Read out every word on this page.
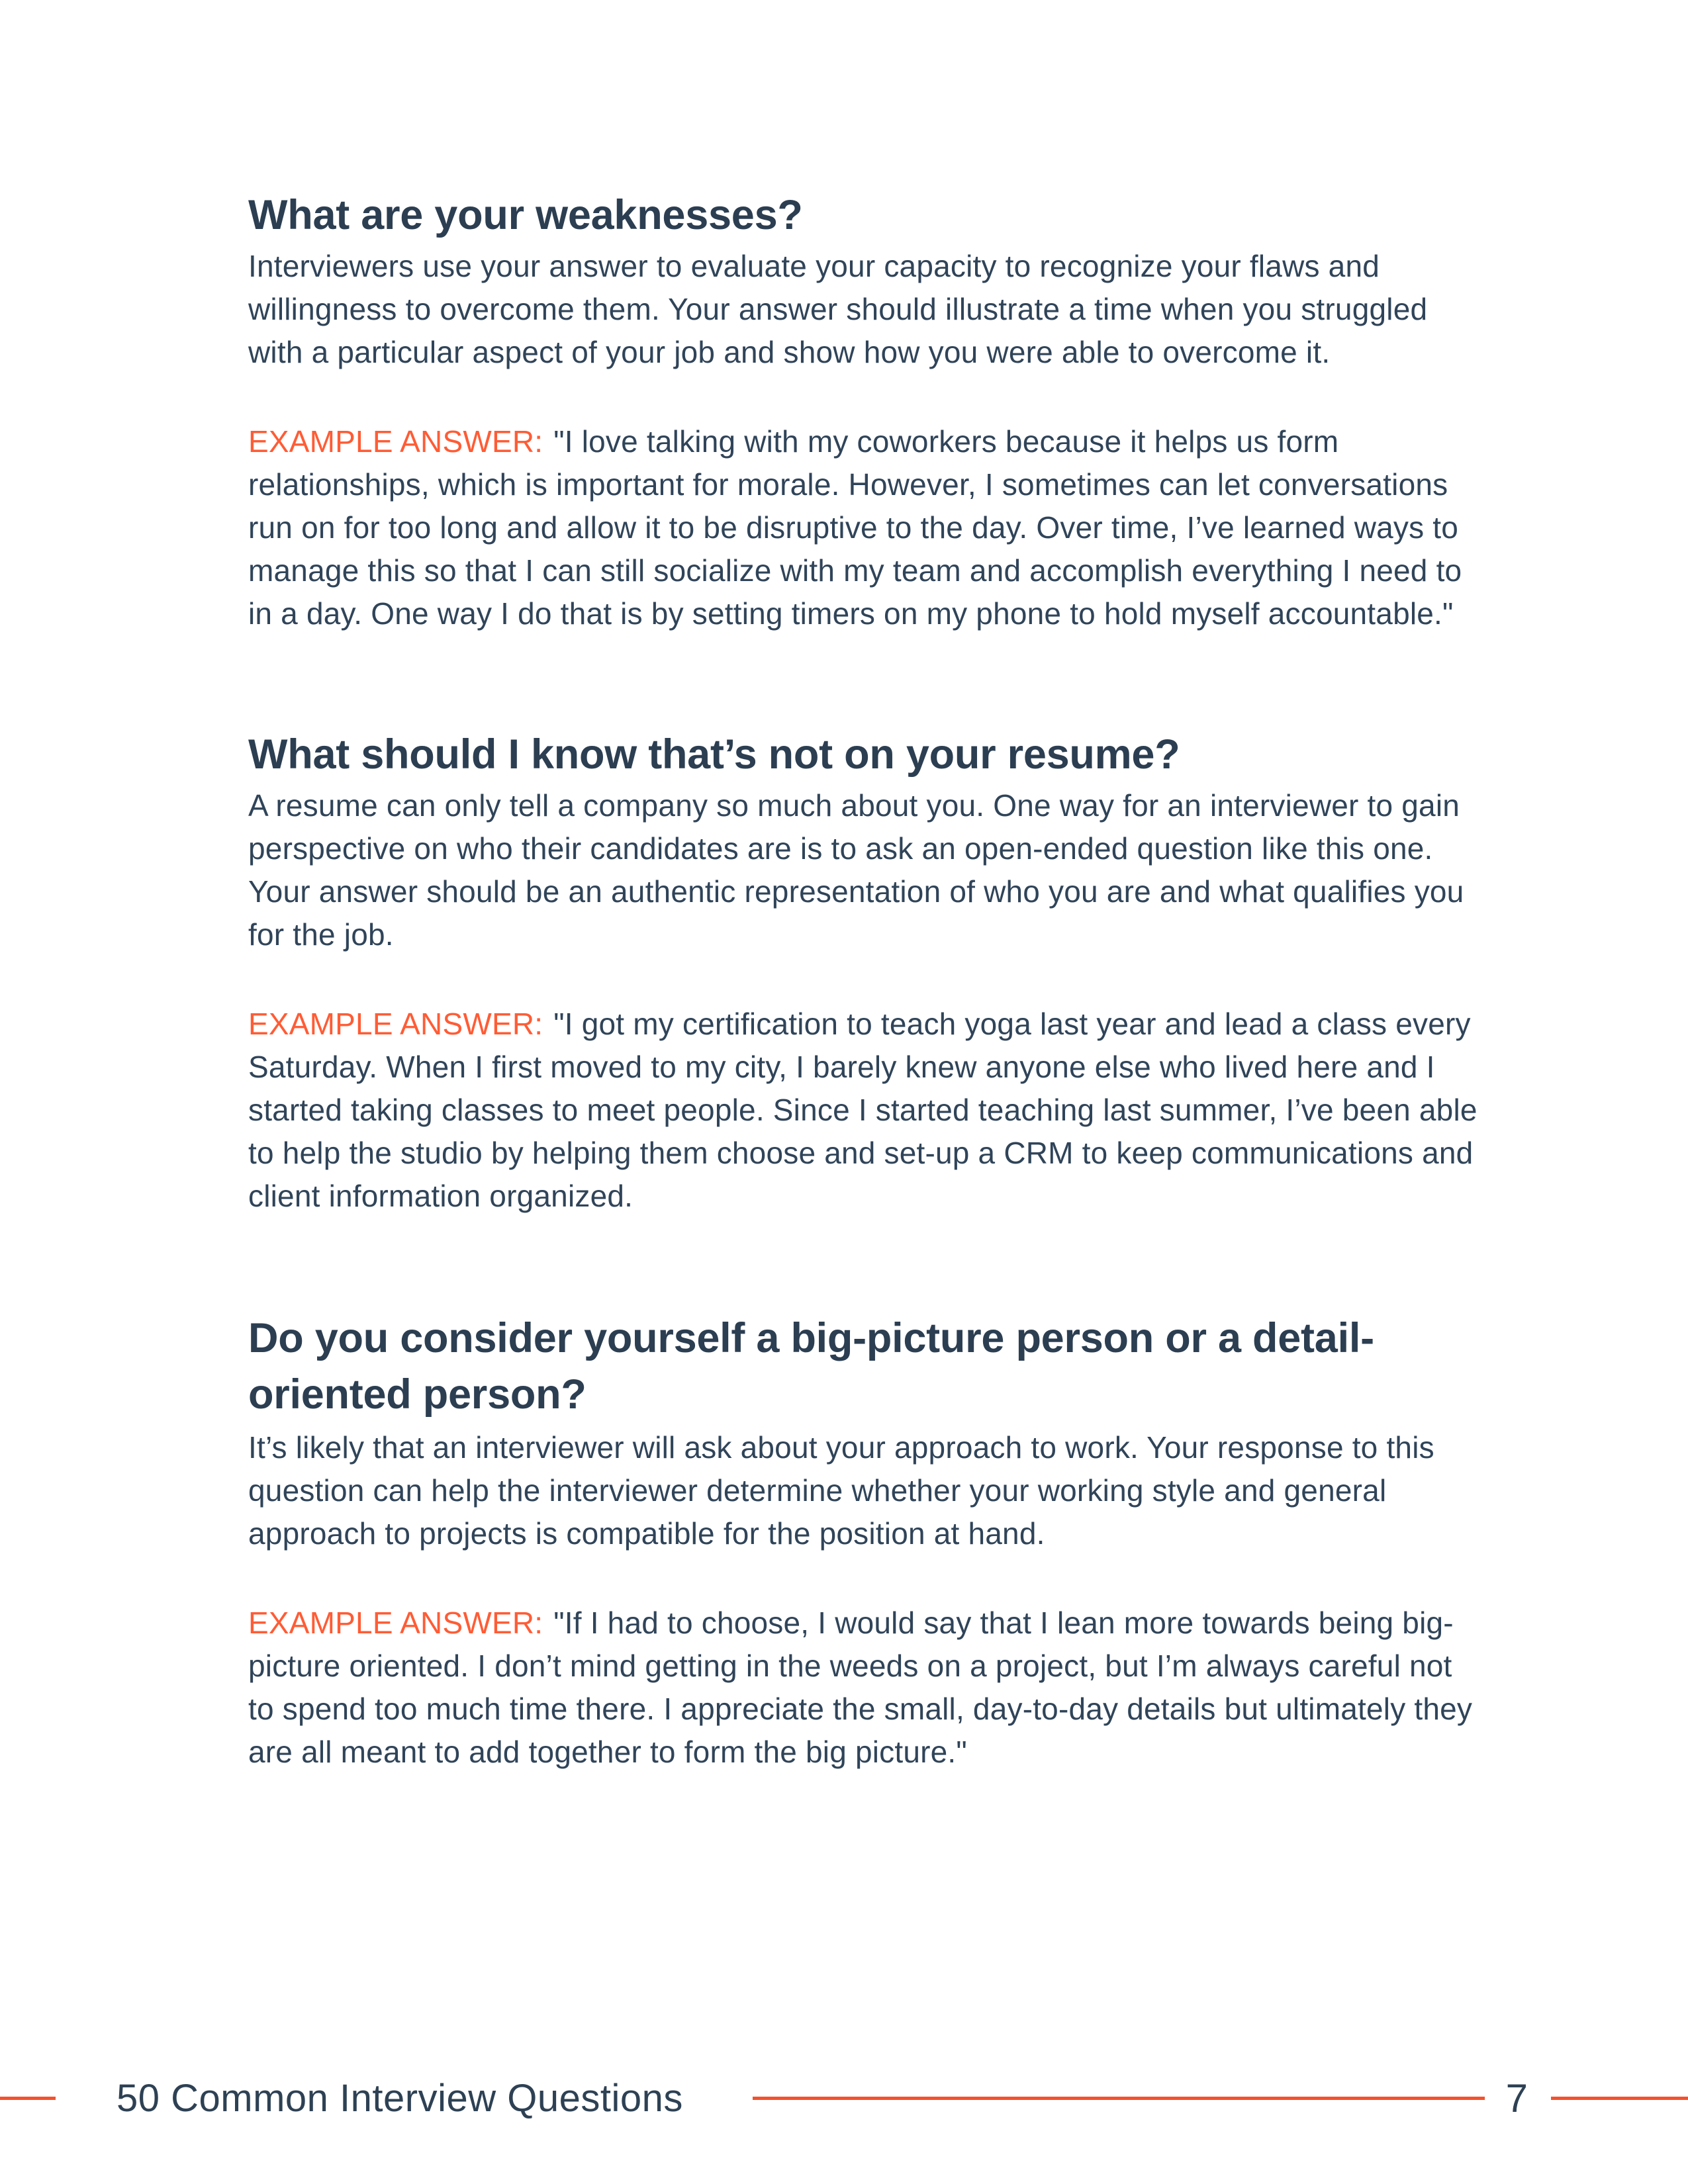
What are your weaknesses?

Interviewers use your answer to evaluate your capacity to recognize your flaws and willingness to overcome them. Your answer should illustrate a time when you struggled with a particular aspect of your job and show how you were able to overcome it.

EXAMPLE ANSWER: "I love talking with my coworkers because it helps us form relationships, which is important for morale. However, I sometimes can let conversations run on for too long and allow it to be disruptive to the day. Over time, I’ve learned ways to manage this so that I can still socialize with my team and accomplish everything I need to in a day. One way I do that is by setting timers on my phone to hold myself accountable."

What should I know that’s not on your resume?

A resume can only tell a company so much about you. One way for an interviewer to gain perspective on who their candidates are is to ask an open-ended question like this one. Your answer should be an authentic representation of who you are and what qualifies you for the job.

EXAMPLE ANSWER: "I got my certification to teach yoga last year and lead a class every Saturday. When I first moved to my city, I barely knew anyone else who lived here and I started taking classes to meet people. Since I started teaching last summer, I’ve been able to help the studio by helping them choose and set-up a CRM to keep communications and client information organized.

Do you consider yourself a big-picture person or a detail-oriented person?

It’s likely that an interviewer will ask about your approach to work. Your response to this question can help the interviewer determine whether your working style and general approach to projects is compatible for the position at hand.

EXAMPLE ANSWER: "If I had to choose, I would say that I lean more towards being big-picture oriented. I don’t mind getting in the weeds on a project, but I’m always careful not to spend too much time there. I appreciate the small, day-to-day details but ultimately they are all meant to add together to form the big picture."

50 Common Interview Questions	7
